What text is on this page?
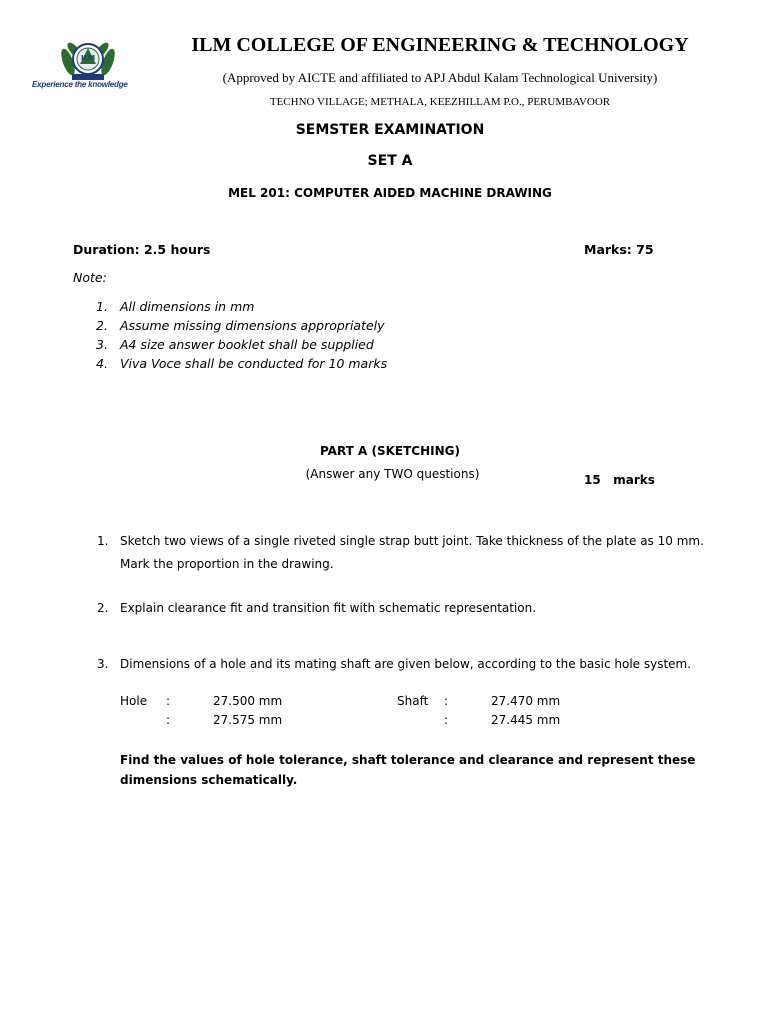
ILM
Experience the knowledge
ILM COLLEGE OF ENGINEERING & TECHNOLOGY
(Approved by AICTE and affiliated to APJ Abdul Kalam Technological University)
TECHNO VILLAGE; METHALA, KEEZHILLAM P.O., PERUMBAVOOR
SEMSTER EXAMINATION
SET A
MEL 201: COMPUTER AIDED MACHINE DRAWING
Duration: 2.5 hours	Marks: 75
Note:
1. All dimensions in mm
2. Assume missing dimensions appropriately
3. A4 size answer booklet shall be supplied
4. Viva Voce shall be conducted for 10 marks
PART A (SKETCHING)
(Answer any TWO questions)	15   marks
1. Sketch two views of a single riveted single strap butt joint. Take thickness of the plate as 10 mm. Mark the proportion in the drawing.
2. Explain clearance fit and transition fit with schematic representation.
3. Dimensions of a hole and its mating shaft are given below, according to the basic hole system.
Hole :	27.500 mm	Shaft :	27.470 mm
:	27.575 mm	:	27.445 mm
Find the values of hole tolerance, shaft tolerance and clearance and represent these dimensions schematically.
